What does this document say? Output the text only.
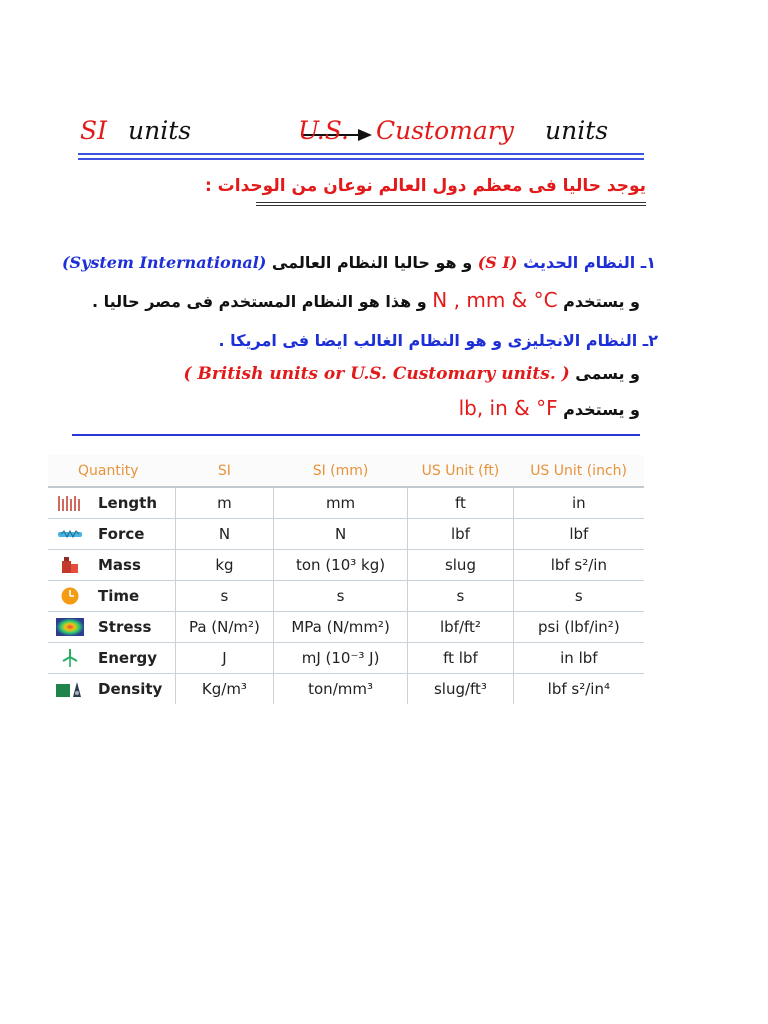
SI units	U.S. Customary units
يوجد حاليا فى معظم دول العالم نوعان من الوحدات :
١ـ النظام الحديث (S I) و هو حاليا النظام العالمى (System International)
و يستخدم N , mm & °C و هذا هو النظام المستخدم فى مصر حاليا .
٢ـ النظام الانجليزى و هو النظام الغالب ايضا فى امريكا .
و يسمى ( British units or U.S. Customary units. )
و يستخدم lb, in & °F
Quantity		SI	SI (mm)	US Unit (ft)	US Unit (inch)
	Length	m	mm	ft	in
	Force	N	N	lbf	lbf
	Mass	kg	ton (10³ kg)	slug	lbf s²/in
	Time	s	s	s	s
	Stress	Pa (N/m²)	MPa (N/mm²)	lbf/ft²	psi (lbf/in²)
	Energy	J	mJ (10⁻³ J)	ft lbf	in lbf
	Density	Kg/m³	ton/mm³	slug/ft³	lbf s²/in⁴
